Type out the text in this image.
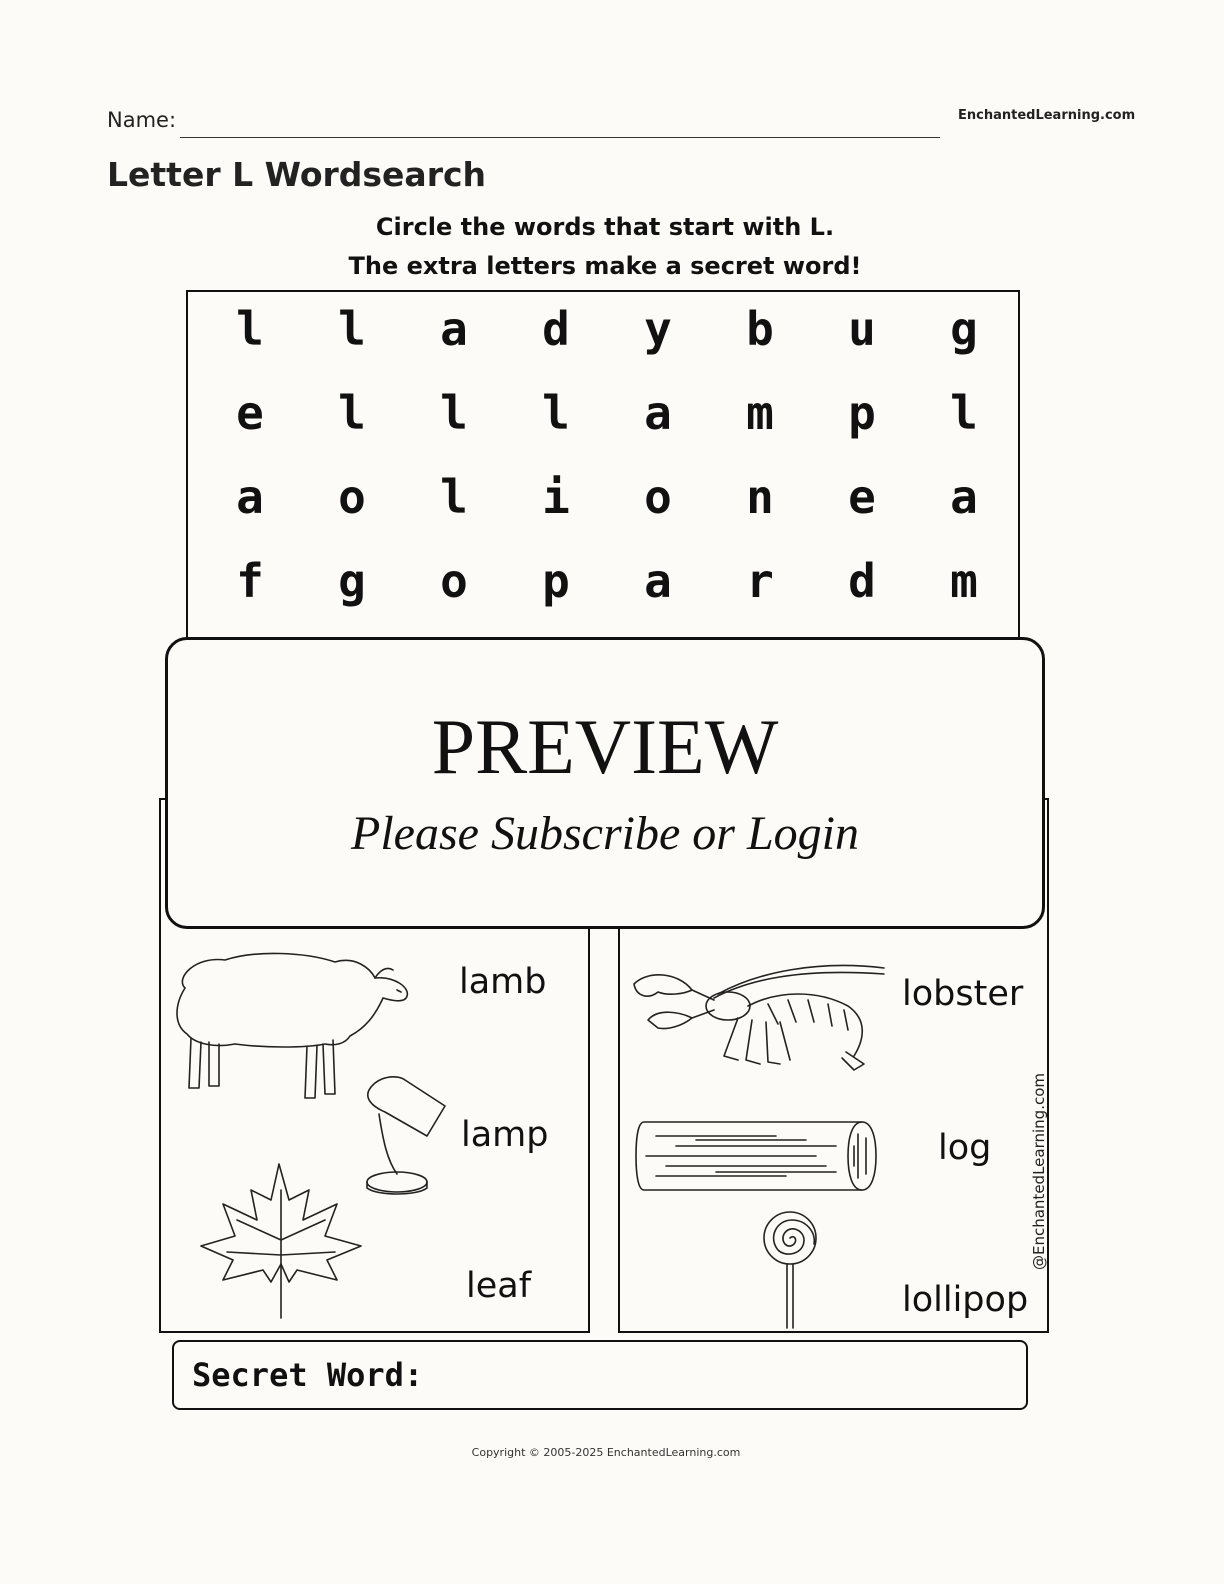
Name:	EnchantedLearning.com
Letter L Wordsearch
Circle the words that start with L.
The extra letters make a secret word!
l	l	a	d	y	b	u	g
e	l	l	l	a	m	p	l
a	o	l	i	o	n	e	a
f	g	o	p	a	r	d	m
lamb
lamp
leaf
lobster
log
lollipop
@EnchantedLearning.com
PREVIEW
Please Subscribe or Login
Secret Word:
Copyright © 2005-2025 EnchantedLearning.com
